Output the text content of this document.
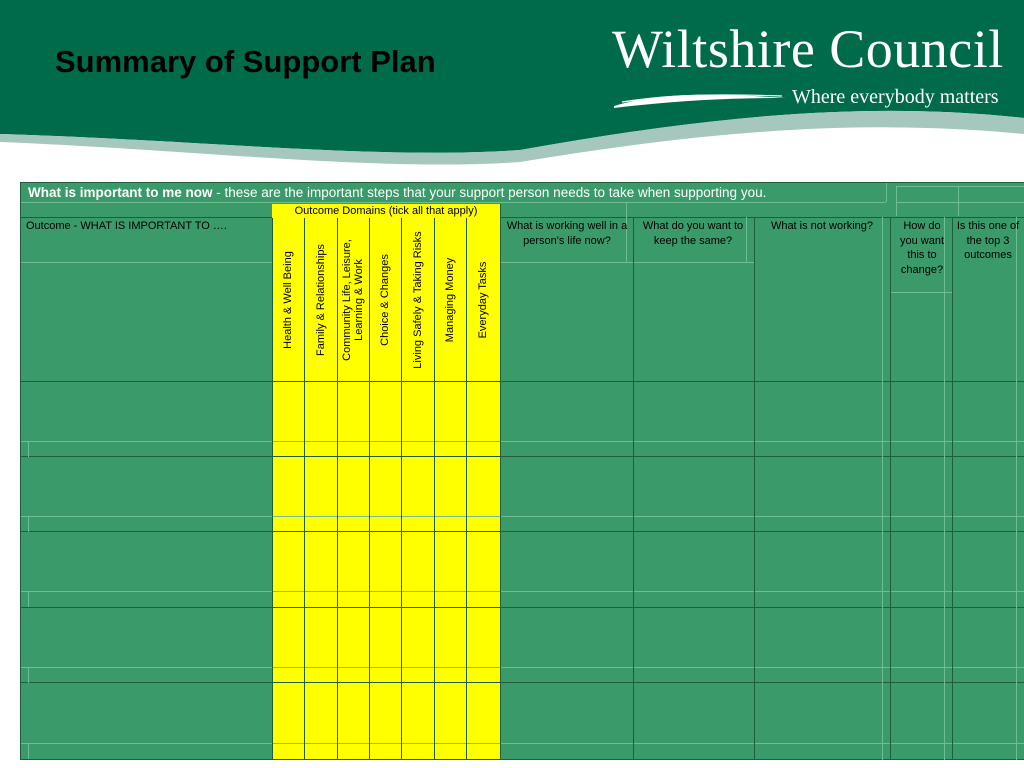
Summary of Support Plan	Wiltshire Council
Where everybody matters
What is important to me now - these are the important steps that your support person needs to take when supporting you.
Outcome Domains (tick all that apply)
Outcome - WHAT IS IMPORTANT TO ….
Health & Well Being Family & Relationships Community Life, Leisure, Learning & Work Choice & Changes Living Safely & Taking Risks Managing Money Everyday Tasks
What is working well in a person's life now?
What do you want to keep the same?
What is not working?	How do you want this to change?
Is this one of the top 3 outcomes
